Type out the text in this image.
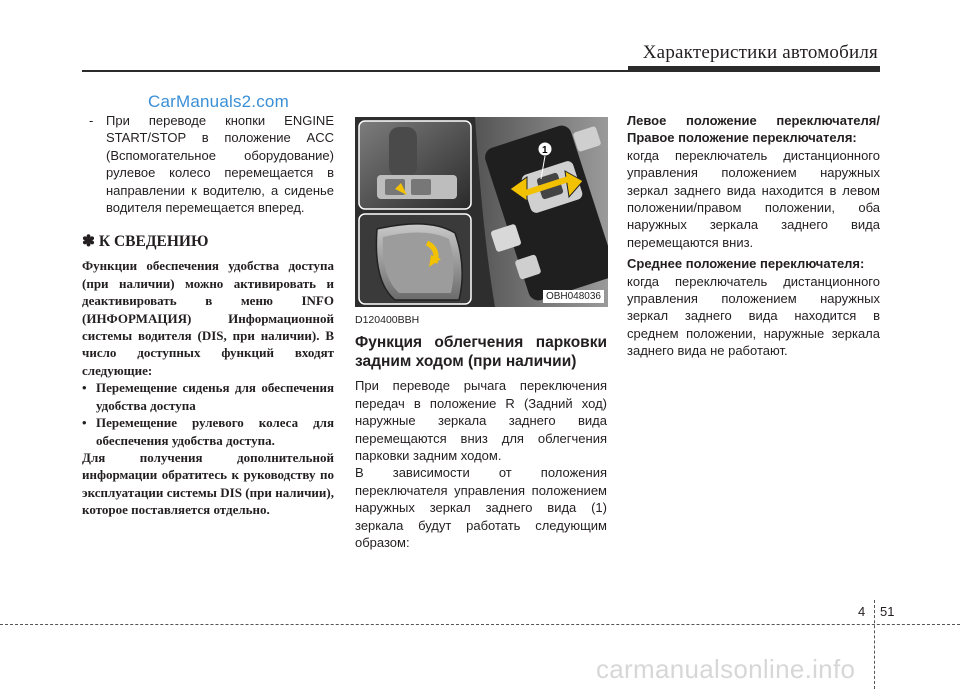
Характеристики автомобиля
CarManuals2.com
- При переводе кнопки ENGINE START/STOP в положение ACC (Вспомогательное оборудование) рулевое колесо перемещается в направлении к водителю, а сиденье водителя перемещается вперед.
✽ К СВЕДЕНИЮ
Функции обеспечения удобства доступа (при наличии) можно активировать и деактивировать в меню INFO (ИНФОРМАЦИЯ) Информационной системы водителя (DIS, при наличии). В число доступных функций входят следующие:
• Перемещение сиденья для обеспечения удобства доступа
• Перемещение рулевого колеса для обеспечения удобства доступа.
Для получения дополнительной информации обратитесь к руководству по эксплуатации системы DIS (при наличии), которое поставляется отдельно.
1
OBH048036
D120400BBH
Функция облегчения парковки задним ходом (при наличии)
При переводе рычага переключения передач в положение R (Задний ход) наружные зеркала заднего вида перемещаются вниз для облегчения парковки задним ходом.
В зависимости от положения переключателя управления положением наружных зеркал заднего вида (1) зеркала будут работать следующим образом:
Левое положение переключателя/ Правое положение переключателя:
когда переключатель дистанционного управления положением наружных зеркал заднего вида находится в левом положении/правом положении, оба наружных зеркала заднего вида перемещаются вниз.
Среднее положение переключателя:
когда переключатель дистанционного управления положением наружных зеркал заднего вида находится в среднем положении, наружные зеркала заднего вида не работают.
4 51
carmanualsonline.info
